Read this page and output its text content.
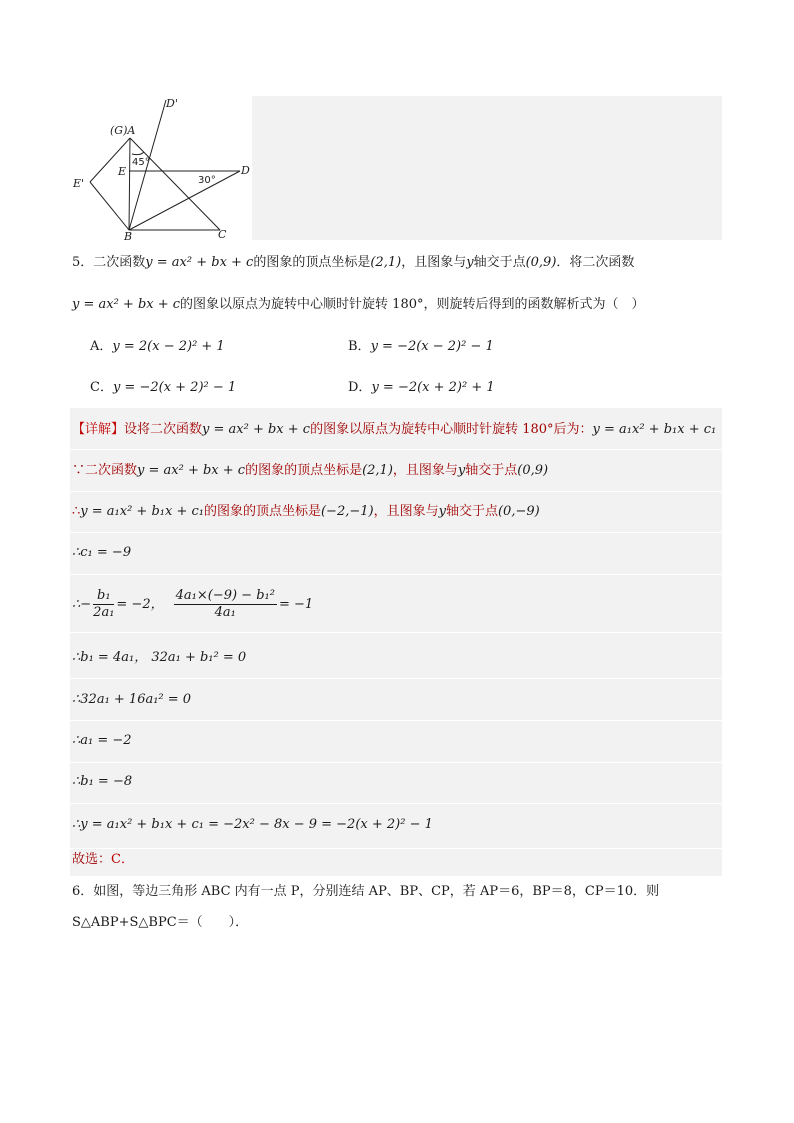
D'
(G)A
E
E'
D
B	C
45°
30°
5．二次函数y = ax² + bx + c的图象的顶点坐标是(2,1)，且图象与y轴交于点(0,9)．将二次函数
y = ax² + bx + c的图象以原点为旋转中心顺时针旋转 180°，则旋转后得到的函数解析式为（　）
A．y = 2(x − 2)² + 1	B．y = −2(x − 2)² − 1
C．y = −2(x + 2)² − 1	D．y = −2(x + 2)² + 1
【详解】设将二次函数y = ax² + bx + c的图象以原点为旋转中心顺时针旋转 180°后为：y = a₁x² + b₁x + c₁
∵二次函数y = ax² + bx + c的图象的顶点坐标是(2,1)，且图象与y轴交于点(0,9)
∴y = a₁x² + b₁x + c₁的图象的顶点坐标是(−2,−1)，且图象与y轴交于点(0,−9)
∴c₁ = −9
∴− $\frac{\text{b₁}}{\text{2a₁}} = -2$， $\frac{\text{4a₁×(−9) − b₁²}}{\text{4a₁}} = -1$
∴b₁ = 4a₁， 32a₁ + b₁² = 0
∴32a₁ + 16a₁² = 0
∴a₁ = −2
∴b₁ = −8
∴y = a₁x² + b₁x + c₁ = −2x² − 8x − 9 = −2(x + 2)² − 1
故选：C．
6．如图，等边三角形 ABC 内有一点 P，分别连结 AP、BP、CP，若 AP＝6，BP＝8，CP＝10．则
S△ABP+S△BPC＝（　　）．
